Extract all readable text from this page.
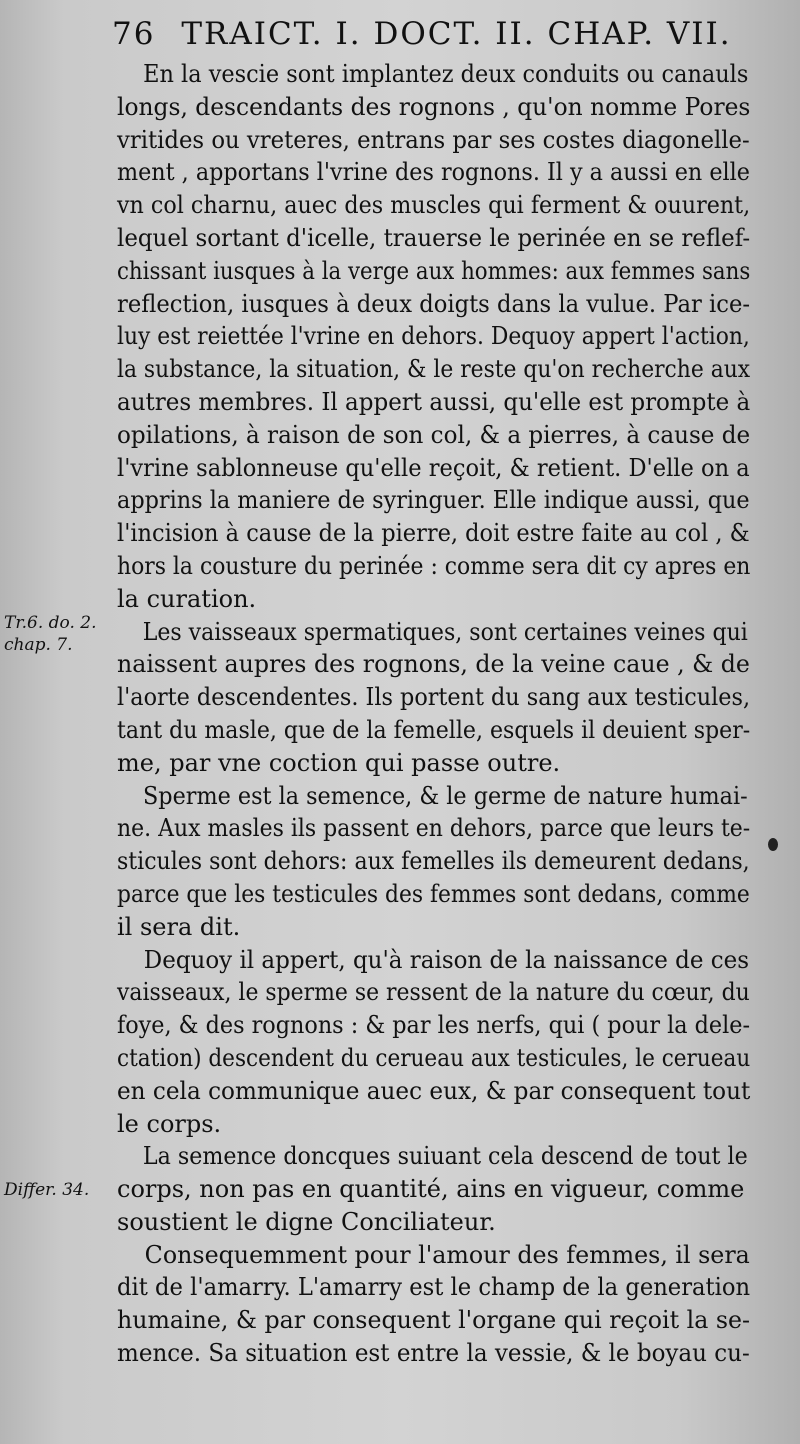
76 TRAICT. I. DOCT. II. CHAP. VII.
Tr.6. do. 2.
chap. 7.
Differ. 34.
En la vescie sont implantez deux conduits ou canauls
longs, descendants des rognons , qu'on nomme Pores
vritides ou vreteres, entrans par ses costes diagonelle-
ment , apportans l'vrine des rognons. Il y a aussi en elle
vn col charnu, auec des muscles qui ferment & ouurent,
lequel sortant d'icelle, trauerse le perinée en se reflef-
chissant iusques à la verge aux hommes: aux femmes sans
reflection, iusques à deux doigts dans la vulue. Par ice-
luy est reiettée l'vrine en dehors. Dequoy appert l'action,
la substance, la situation, & le reste qu'on recherche aux
autres membres. Il appert aussi, qu'elle est prompte à
opilations, à raison de son col, & a pierres, à cause de
l'vrine sablonneuse qu'elle reçoit, & retient. D'elle on a
apprins la maniere de syringuer. Elle indique aussi, que
l'incision à cause de la pierre, doit estre faite au col , &
hors la cousture du perinée : comme sera dit cy apres en
la curation.
Les vaisseaux spermatiques, sont certaines veines qui
naissent aupres des rognons, de la veine caue , & de
l'aorte descendentes. Ils portent du sang aux testicules,
tant du masle, que de la femelle, esquels il deuient sper-
me, par vne coction qui passe outre.
Sperme est la semence, & le germe de nature humai-
ne. Aux masles ils passent en dehors, parce que leurs te-
sticules sont dehors: aux femelles ils demeurent dedans,
parce que les testicules des femmes sont dedans, comme
il sera dit.
Dequoy il appert, qu'à raison de la naissance de ces
vaisseaux, le sperme se ressent de la nature du cœur, du
foye, & des rognons : & par les nerfs, qui ( pour la dele-
ctation) descendent du cerueau aux testicules, le cerueau
en cela communique auec eux, & par consequent tout
le corps.
La semence doncques suiuant cela descend de tout le
corps, non pas en quantité, ains en vigueur, comme
soustient le digne Conciliateur.
Consequemment pour l'amour des femmes, il sera
dit de l'amarry. L'amarry est le champ de la generation
humaine, & par consequent l'organe qui reçoit la se-
mence. Sa situation est entre la vessie, & le boyau cu-
